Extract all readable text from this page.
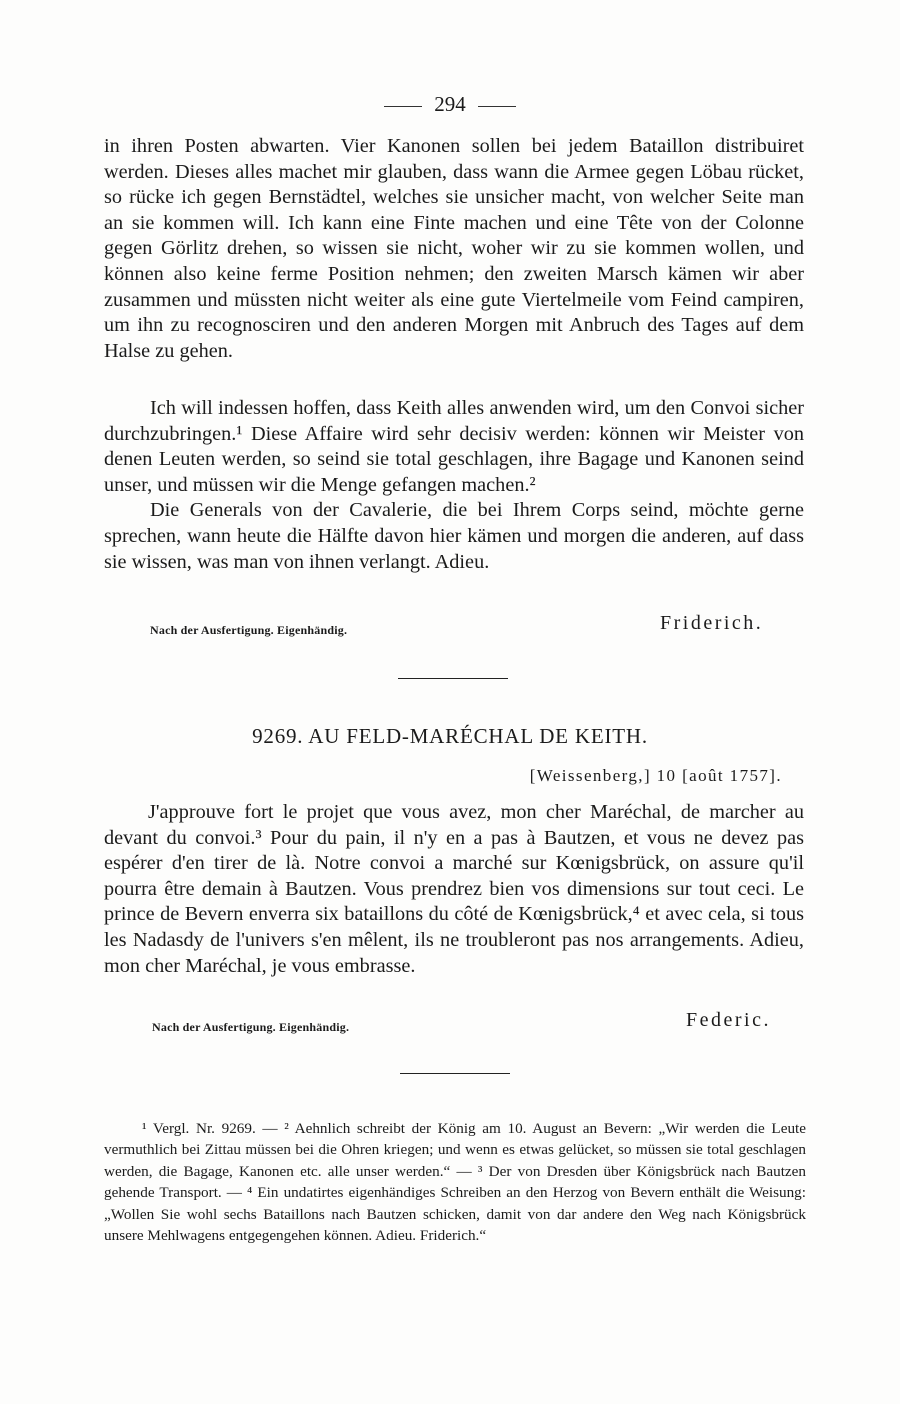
294

in ihren Posten abwarten. Vier Kanonen sollen bei jedem Bataillon distribuiret werden. Dieses alles machet mir glauben, dass wann die Armee gegen Löbau rücket, so rücke ich gegen Bernstädtel, welches sie unsicher macht, von welcher Seite man an sie kommen will. Ich kann eine Finte machen und eine Tête von der Colonne gegen Görlitz drehen, so wissen sie nicht, woher wir zu sie kommen wollen, und können also keine ferme Position nehmen; den zweiten Marsch kämen wir aber zusammen und müssten nicht weiter als eine gute Viertelmeile vom Feind campiren, um ihn zu recognosciren und den anderen Morgen mit Anbruch des Tages auf dem Halse zu gehen.

Ich will indessen hoffen, dass Keith alles anwenden wird, um den Convoi sicher durchzubringen.¹ Diese Affaire wird sehr decisiv werden: können wir Meister von denen Leuten werden, so seind sie total geschlagen, ihre Bagage und Kanonen seind unser, und müssen wir die Menge gefangen machen.²

Die Generals von der Cavalerie, die bei Ihrem Corps seind, möchte gerne sprechen, wann heute die Hälfte davon hier kämen und morgen die anderen, auf dass sie wissen, was man von ihnen verlangt. Adieu.

Nach der Ausfertigung. Eigenhändig.	Friderich.
9269. AU FELD-MARÉCHAL DE KEITH.
[Weissenberg,] 10 [août 1757].

J'approuve fort le projet que vous avez, mon cher Maréchal, de marcher au devant du convoi.³ Pour du pain, il n'y en a pas à Bautzen, et vous ne devez pas espérer d'en tirer de là. Notre convoi a marché sur Kœnigsbrück, on assure qu'il pourra être demain à Bautzen. Vous prendrez bien vos dimensions sur tout ceci. Le prince de Bevern enverra six bataillons du côté de Kœnigsbrück,⁴ et avec cela, si tous les Nadasdy de l'univers s'en mêlent, ils ne troubleront pas nos arrangements. Adieu, mon cher Maréchal, je vous embrasse.

Nach der Ausfertigung. Eigenhändig.	Federic.

¹ Vergl. Nr. 9269. — ² Aehnlich schreibt der König am 10. August an Bevern: „Wir werden die Leute vermuthlich bei Zittau müssen bei die Ohren kriegen; und wenn es etwas gelücket, so müssen sie total geschlagen werden, die Bagage, Kanonen etc. alle unser werden.“ — ³ Der von Dresden über Königsbrück nach Bautzen gehende Transport. — ⁴ Ein undatirtes eigenhändiges Schreiben an den Herzog von Bevern enthält die Weisung: „Wollen Sie wohl sechs Bataillons nach Bautzen schicken, damit von dar andere den Weg nach Königsbrück unsere Mehlwagens entgegengehen können. Adieu. Friderich.“
